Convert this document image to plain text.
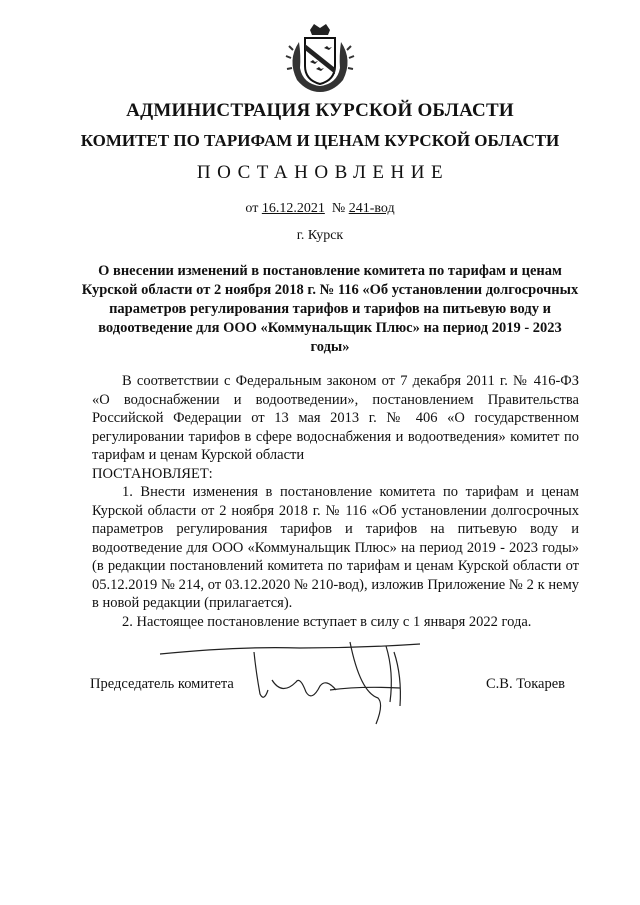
АДМИНИСТРАЦИЯ КУРСКОЙ ОБЛАСТИ
КОМИТЕТ ПО ТАРИФАМ И ЦЕНАМ КУРСКОЙ ОБЛАСТИ
ПОСТАНОВЛЕНИЕ
от 16.12.2021 № 241-вод
г. Курск
О внесении изменений в постановление комитета по тарифам и ценам Курской области от 2 ноября 2018 г. № 116 «Об установлении долгосрочных параметров регулирования тарифов и тарифов на питьевую воду и водоотведение для ООО «Коммунальщик Плюс» на период 2019 - 2023 годы»

В соответствии с Федеральным законом от 7 декабря 2011 г. № 416-ФЗ «О водоснабжении и водоотведении», постановлением Правительства Российской Федерации от 13 мая 2013 г. № 406 «О государственном регулировании тарифов в сфере водоснабжения и водоотведения» комитет по тарифам и ценам Курской области

ПОСТАНОВЛЯЕТ:

1. Внести изменения в постановление комитета по тарифам и ценам Курской области от 2 ноября 2018 г. № 116 «Об установлении долгосрочных параметров регулирования тарифов и тарифов на питьевую воду и водоотведение для ООО «Коммунальщик Плюс» на период 2019 - 2023 годы» (в редакции постановлений комитета по тарифам и ценам Курской области от 05.12.2019 № 214, от 03.12.2020 № 210-вод), изложив Приложение № 2 к нему в новой редакции (прилагается).

2. Настоящее постановление вступает в силу с 1 января 2022 года.

Председатель комитета	С.В. Токарев
